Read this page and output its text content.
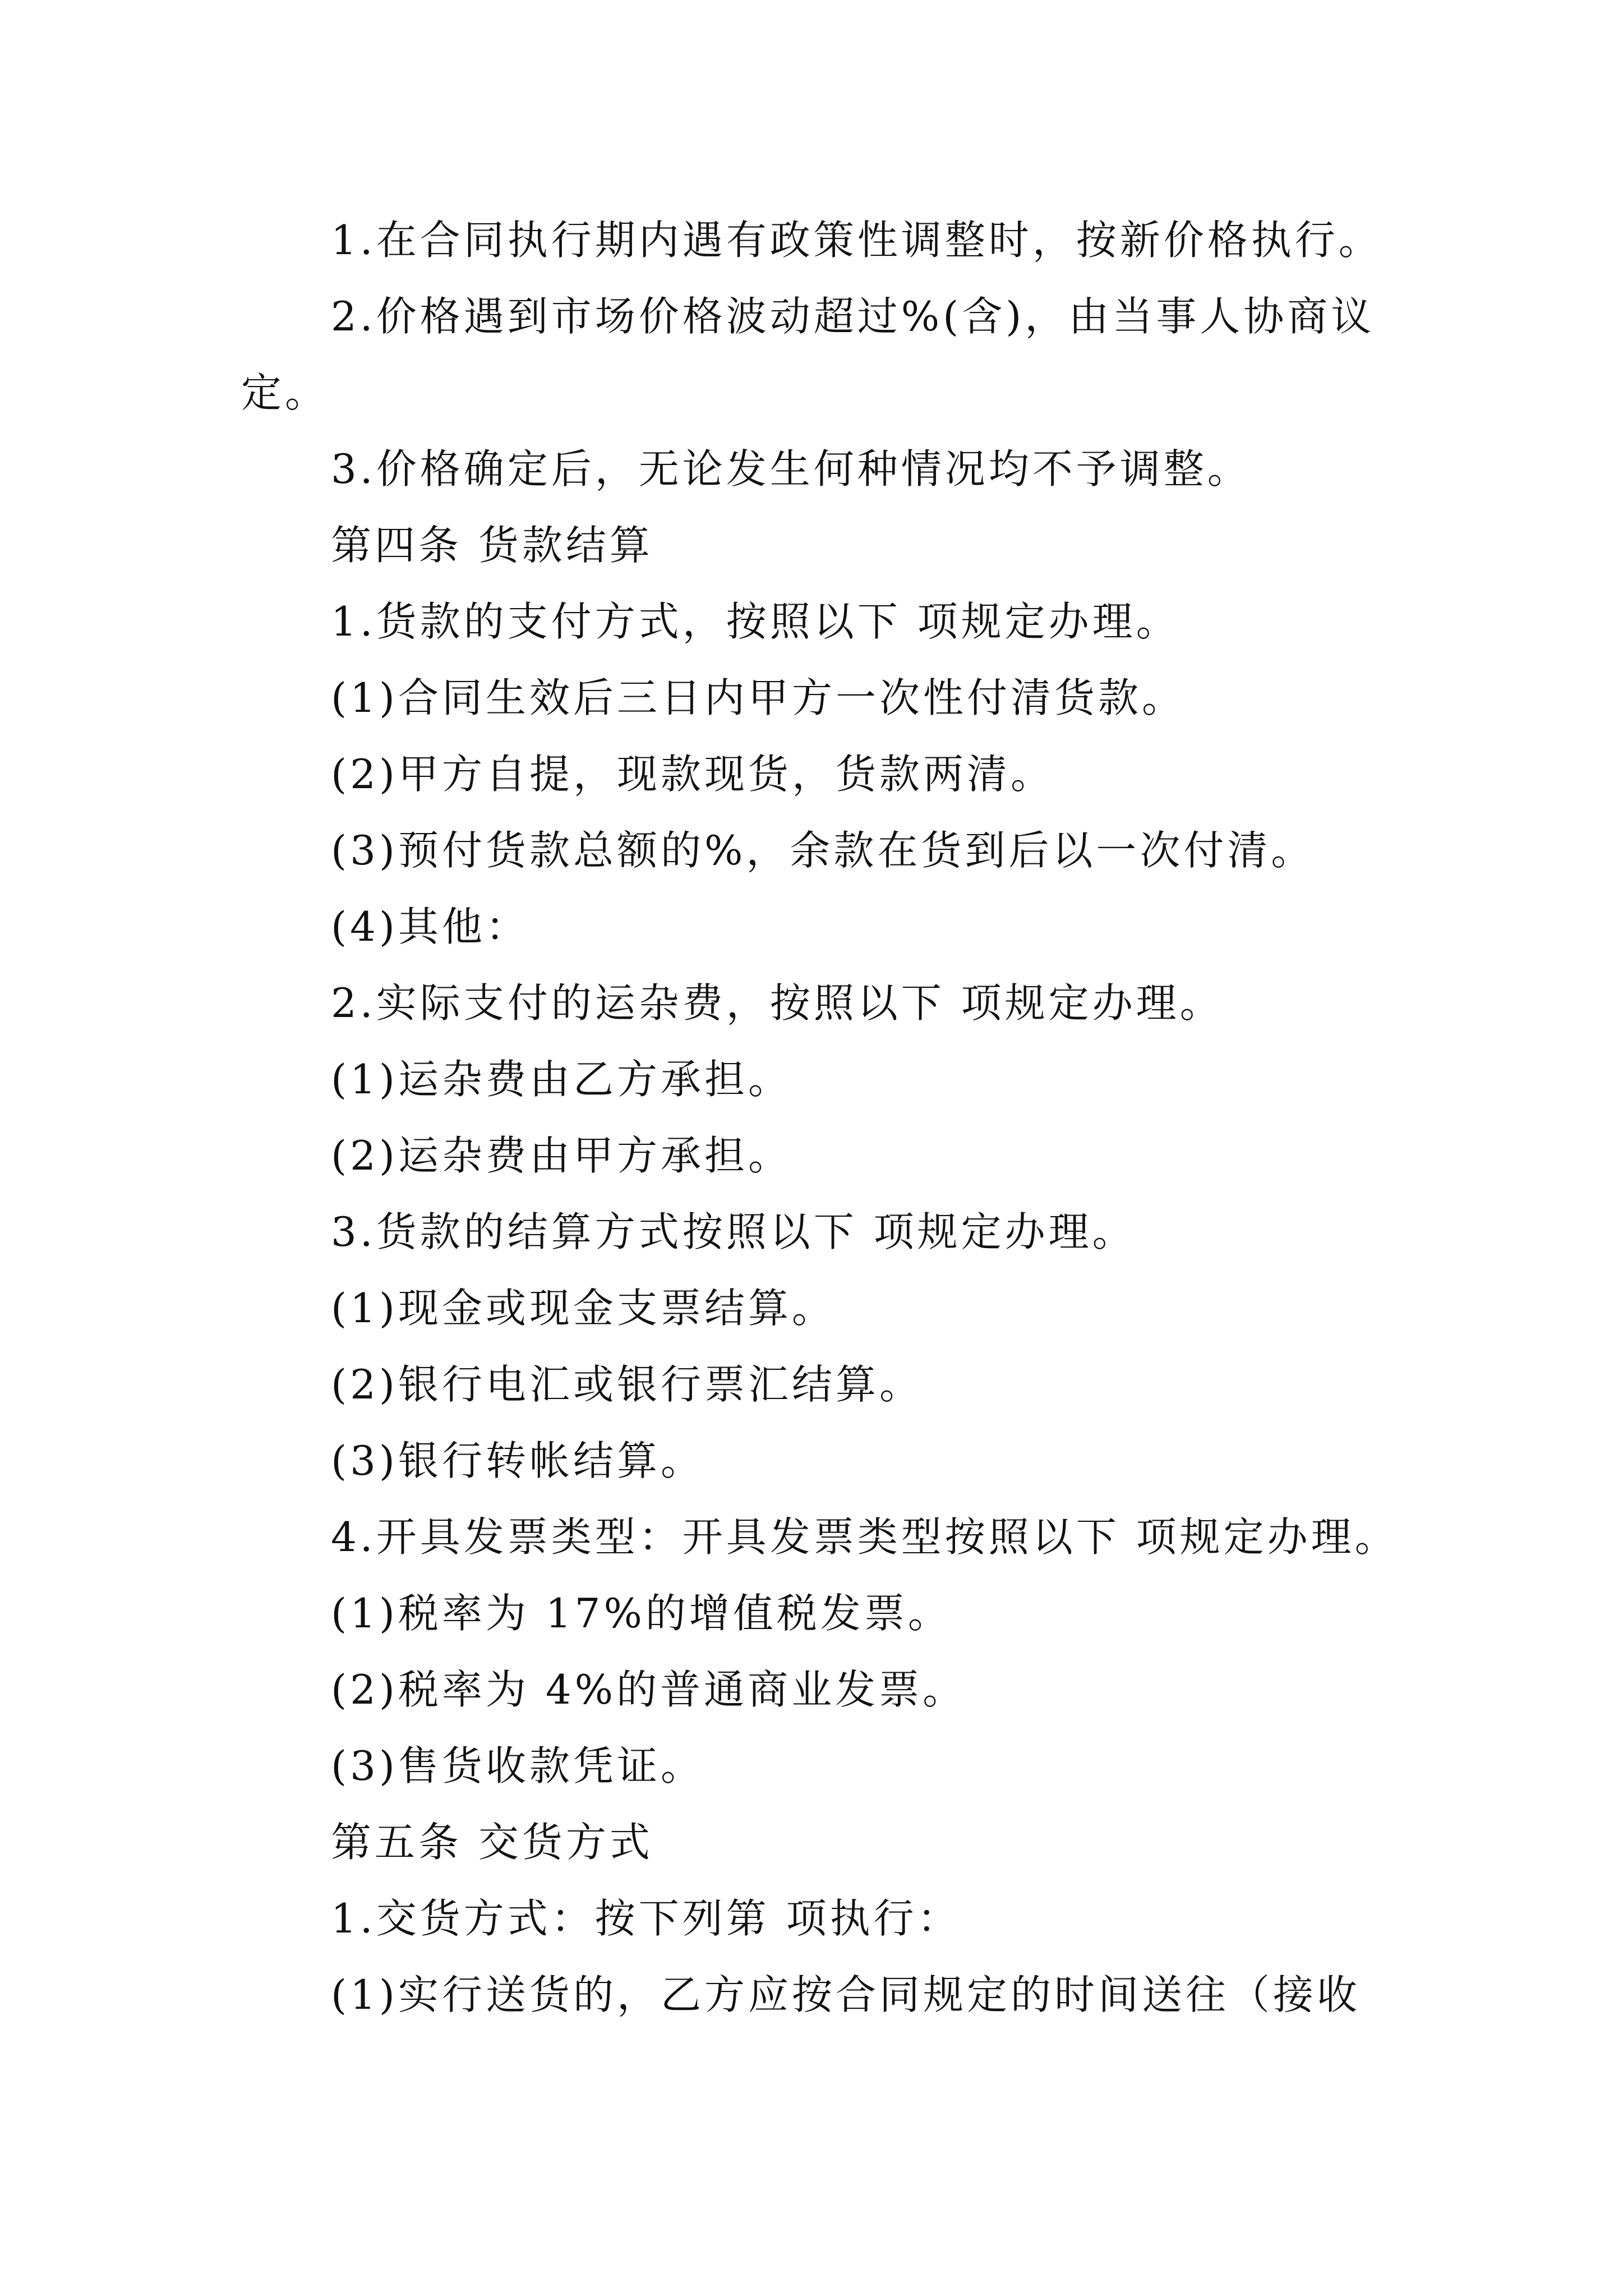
1.在合同执行期内遇有政策性调整时，按新价格执行。
2.价格遇到市场价格波动超过%(含)，由当事人协商议定。
3.价格确定后，无论发生何种情况均不予调整。
第四条 货款结算
1.货款的支付方式，按照以下 项规定办理。
(1)合同生效后三日内甲方一次性付清货款。
(2)甲方自提，现款现货，货款两清。
(3)预付货款总额的%，余款在货到后以一次付清。
(4)其他：
2.实际支付的运杂费，按照以下 项规定办理。
(1)运杂费由乙方承担。
(2)运杂费由甲方承担。
3.货款的结算方式按照以下 项规定办理。
(1)现金或现金支票结算。
(2)银行电汇或银行票汇结算。
(3)银行转帐结算。
4.开具发票类型：开具发票类型按照以下 项规定办理。
(1)税率为 17%的增值税发票。
(2)税率为 4%的普通商业发票。
(3)售货收款凭证。
第五条 交货方式
1.交货方式：按下列第 项执行：
(1)实行送货的，乙方应按合同规定的时间送往（接收
